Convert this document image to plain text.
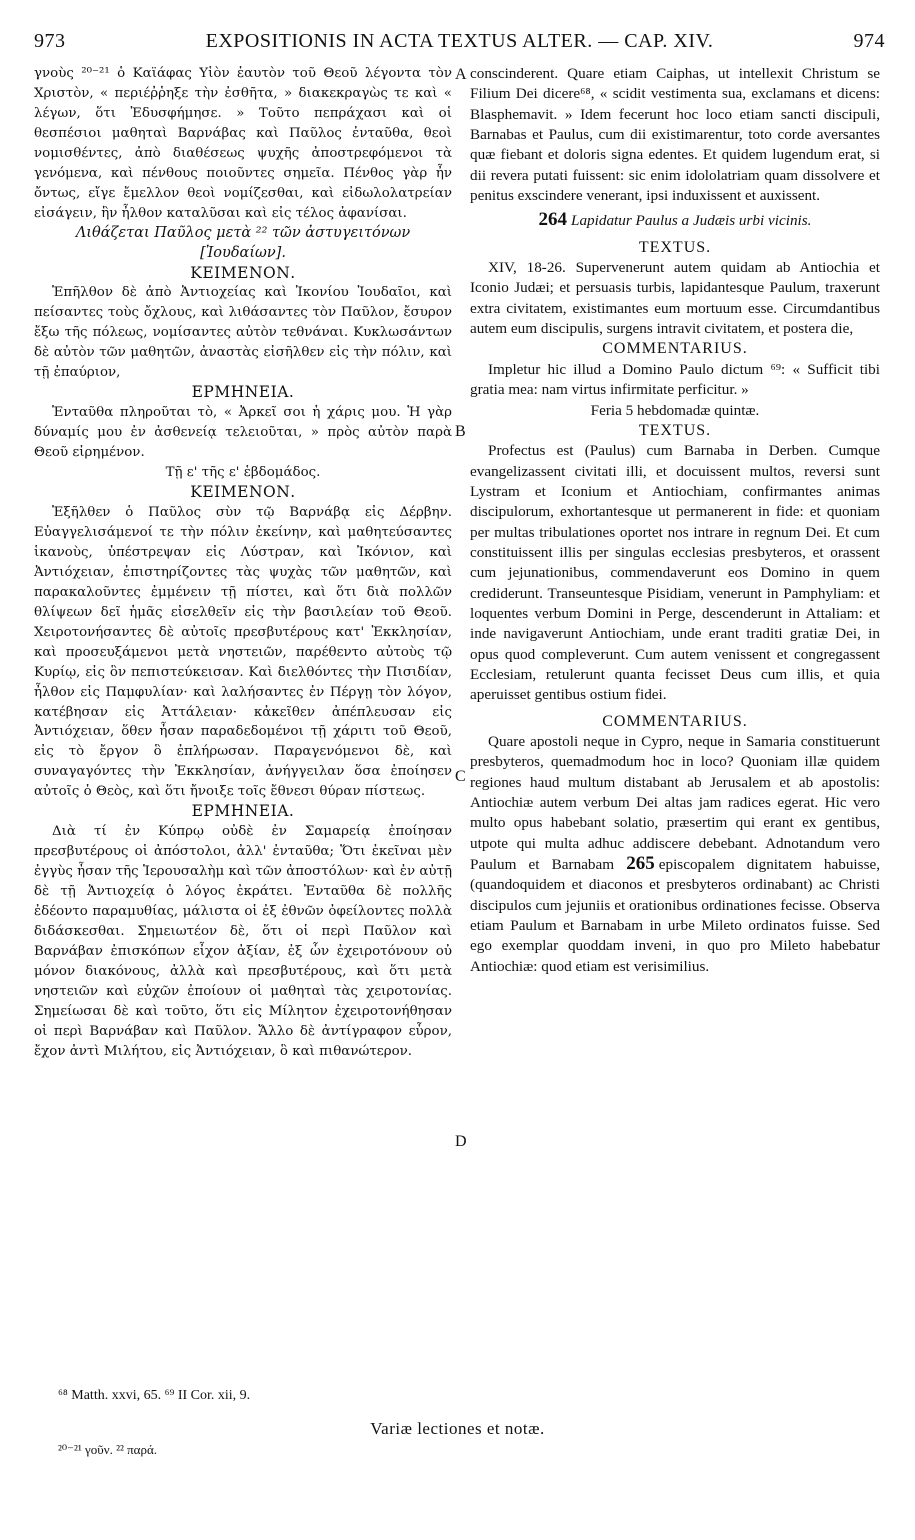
973	EXPOSITIONIS IN ACTA TEXTUS ALTER. — CAP. XIV.	974
A
B
C
D

γνοὺς ²⁰⁻²¹ ὁ Καϊάφας Υἱὸν ἑαυτὸν τοῦ Θεοῦ λέγοντα τὸν Χριστὸν, « περιέῤῥηξε τὴν ἐσθῆτα, » διακεκραγὼς τε καὶ « λέγων, ὅτι Ἐδυσφήμησε. » Τοῦτο πεπράχασι καὶ οἱ θεσπέσιοι μαθηταὶ Βαρνάβας καὶ Παῦλος ἐνταῦθα, θεοὶ νομισθέντες, ἀπὸ διαθέσεως ψυχῆς ἀποστρεφόμενοι τὰ γενόμενα, καὶ πένθους ποιοῦντες σημεῖα. Πένθος γὰρ ἦν ὄντως, εἴγε ἔμελλον θεοὶ νομίζεσθαι, καὶ εἰδωλολατρείαν εἰσάγειν, ἣν ἦλθον καταλῦσαι καὶ εἰς τέλος ἀφανίσαι.

Λιθάζεται Παῦλος μετὰ ²² τῶν ἀστυγειτόνων [Ἰουδαίων].

ΚΕΙΜΕΝΟΝ.

Ἐπῆλθον δὲ ἀπὸ Ἀντιοχείας καὶ Ἰκονίου Ἰουδαῖοι, καὶ πείσαντες τοὺς ὄχλους, καὶ λιθάσαντες τὸν Παῦλον, ἔσυρον ἔξω τῆς πόλεως, νομίσαντες αὐτὸν τεθνάναι. Κυκλωσάντων δὲ αὐτὸν τῶν μαθητῶν, ἀναστὰς εἰσῆλθεν εἰς τὴν πόλιν, καὶ τῇ ἐπαύριον,

ΕΡΜΗΝΕΙΑ.

Ἐνταῦθα πληροῦται τὸ, « Ἀρκεῖ σοι ἡ χάρις μου. Ἡ γὰρ δύναμίς μου ἐν ἀσθενείᾳ τελειοῦται, » πρὸς αὐτὸν παρὰ Θεοῦ εἰρημένον.

Τῇ ε' τῆς ε' ἑβδομάδος.

ΚΕΙΜΕΝΟΝ.

Ἐξῆλθεν ὁ Παῦλος σὺν τῷ Βαρνάβᾳ εἰς Δέρβην. Εὐαγγελισάμενοί τε τὴν πόλιν ἐκείνην, καὶ μαθητεύσαντες ἱκανοὺς, ὑπέστρεψαν εἰς Λύστραν, καὶ Ἰκόνιον, καὶ Ἀντιόχειαν, ἐπιστηρίζοντες τὰς ψυχὰς τῶν μαθητῶν, καὶ παρακαλοῦντες ἐμμένειν τῇ πίστει, καὶ ὅτι διὰ πολλῶν θλίψεων δεῖ ἡμᾶς εἰσελθεῖν εἰς τὴν βασιλείαν τοῦ Θεοῦ. Χειροτονήσαντες δὲ αὐτοῖς πρεσβυτέρους κατ' Ἐκκλησίαν, καὶ προσευξάμενοι μετὰ νηστειῶν, παρέθεντο αὐτοὺς τῷ Κυρίῳ, εἰς ὃν πεπιστεύκεισαν. Καὶ διελθόντες τὴν Πισιδίαν, ἦλθον εἰς Παμφυλίαν· καὶ λαλήσαντες ἐν Πέργῃ τὸν λόγον, κατέβησαν εἰς Ἀττάλειαν· κἀκεῖθεν ἀπέπλευσαν εἰς Ἀντιόχειαν, ὅθεν ἦσαν παραδεδομένοι τῇ χάριτι τοῦ Θεοῦ, εἰς τὸ ἔργον ὃ ἐπλήρωσαν. Παραγενόμενοι δὲ, καὶ συναγαγόντες τὴν Ἐκκλησίαν, ἀνήγγειλαν ὅσα ἐποίησεν αὐτοῖς ὁ Θεὸς, καὶ ὅτι ἤνοιξε τοῖς ἔθνεσι θύραν πίστεως.

ΕΡΜΗΝΕΙΑ.

Διὰ τί ἐν Κύπρῳ οὐδὲ ἐν Σαμαρείᾳ ἐποίησαν πρεσβυτέρους οἱ ἀπόστολοι, ἀλλ' ἐνταῦθα; Ὅτι ἐκεῖναι μὲν ἐγγὺς ἦσαν τῆς Ἱερουσαλὴμ καὶ τῶν ἀποστόλων· καὶ ἐν αὐτῇ δὲ τῇ Ἀντιοχείᾳ ὁ λόγος ἐκράτει. Ἐνταῦθα δὲ πολλῆς ἐδέοντο παραμυθίας, μάλιστα οἱ ἐξ ἐθνῶν ὀφείλοντες πολλὰ διδάσκεσθαι. Σημειωτέον δὲ, ὅτι οἱ περὶ Παῦλον καὶ Βαρνάβαν ἐπισκόπων εἶχον ἀξίαν, ἐξ ὧν ἐχειροτόνουν οὐ μόνον διακόνους, ἀλλὰ καὶ πρεσβυτέρους, καὶ ὅτι μετὰ νηστειῶν καὶ εὐχῶν ἐποίουν οἱ μαθηταὶ τὰς χειροτονίας. Σημείωσαι δὲ καὶ τοῦτο, ὅτι εἰς Μίλητον ἐχειροτονήθησαν οἱ περὶ Βαρνάβαν καὶ Παῦλον. Ἄλλο δὲ ἀντίγραφον εὗρον, ἔχον ἀντὶ Μιλήτου, εἰς Ἀντιόχειαν, ὃ καὶ πιθανώτερον.

conscinderent. Quare etiam Caiphas, ut intellexit Christum se Filium Dei dicere⁶⁸, « scidit vestimenta sua, exclamans et dicens: Blasphemavit. » Idem fecerunt hoc loco etiam sancti discipuli, Barnabas et Paulus, cum dii existimarentur, toto corde aversantes quæ fiebant et doloris signa edentes. Et quidem lugendum erat, si dii revera putati fuissent: sic enim idololatriam quam dissolvere et penitus exscindere venerant, ipsi induxissent et auxissent.

264 Lapidatur Paulus a Judæis urbi vicinis.

TEXTUS.

XIV, 18-26. Supervenerunt autem quidam ab Antiochia et Iconio Judæi; et persuasis turbis, lapidantesque Paulum, traxerunt extra civitatem, existimantes eum mortuum esse. Circumdantibus autem eum discipulis, surgens intravit civitatem, et postera die,

COMMENTARIUS.

Impletur hic illud a Domino Paulo dictum ⁶⁹: « Sufficit tibi gratia mea: nam virtus infirmitate perficitur. »

Feria 5 hebdomadæ quintæ.

TEXTUS.

Profectus est (Paulus) cum Barnaba in Derben. Cumque evangelizassent civitati illi, et docuissent multos, reversi sunt Lystram et Iconium et Antiochiam, confirmantes animas discipulorum, exhortantesque ut permanerent in fide: et quoniam per multas tribulationes oportet nos intrare in regnum Dei. Et cum constituissent illis per singulas ecclesias presbyteros, et orassent cum jejunationibus, commendaverunt eos Domino in quem crediderunt. Transeuntesque Pisidiam, venerunt in Pamphyliam: et loquentes verbum Domini in Perge, descenderunt in Attaliam: et inde navigaverunt Antiochiam, unde erant traditi gratiæ Dei, in opus quod compleverunt. Cum autem venissent et congregassent Ecclesiam, retulerunt quanta fecisset Deus cum illis, et quia aperuisset gentibus ostium fidei.

COMMENTARIUS.

Quare apostoli neque in Cypro, neque in Samaria constituerunt presbyteros, quemadmodum hoc in loco? Quoniam illæ quidem regiones haud multum distabant ab Jerusalem et ab apostolis: Antiochiæ autem verbum Dei altas jam radices egerat. Hic vero multo opus habebant solatio, præsertim qui erant ex gentibus, utpote qui multa adhuc addiscere debebant. Adnotandum vero Paulum et Barnabam 265 episcopalem dignitatem habuisse, (quandoquidem et diaconos et presbyteros ordinabant) ac Christi discipulos cum jejuniis et orationibus ordinationes fecisse. Observa etiam Paulum et Barnabam in urbe Mileto ordinatos fuisse. Sed ego exemplar quoddam inveni, in quo pro Mileto habebatur Antiochiæ: quod etiam est verisimilius.

⁶⁸ Matth. xxvi, 65. ⁶⁹ II Cor. xii, 9.
Variæ lectiones et notæ.
²⁰⁻²¹ γοῦν. ²² παρά.
